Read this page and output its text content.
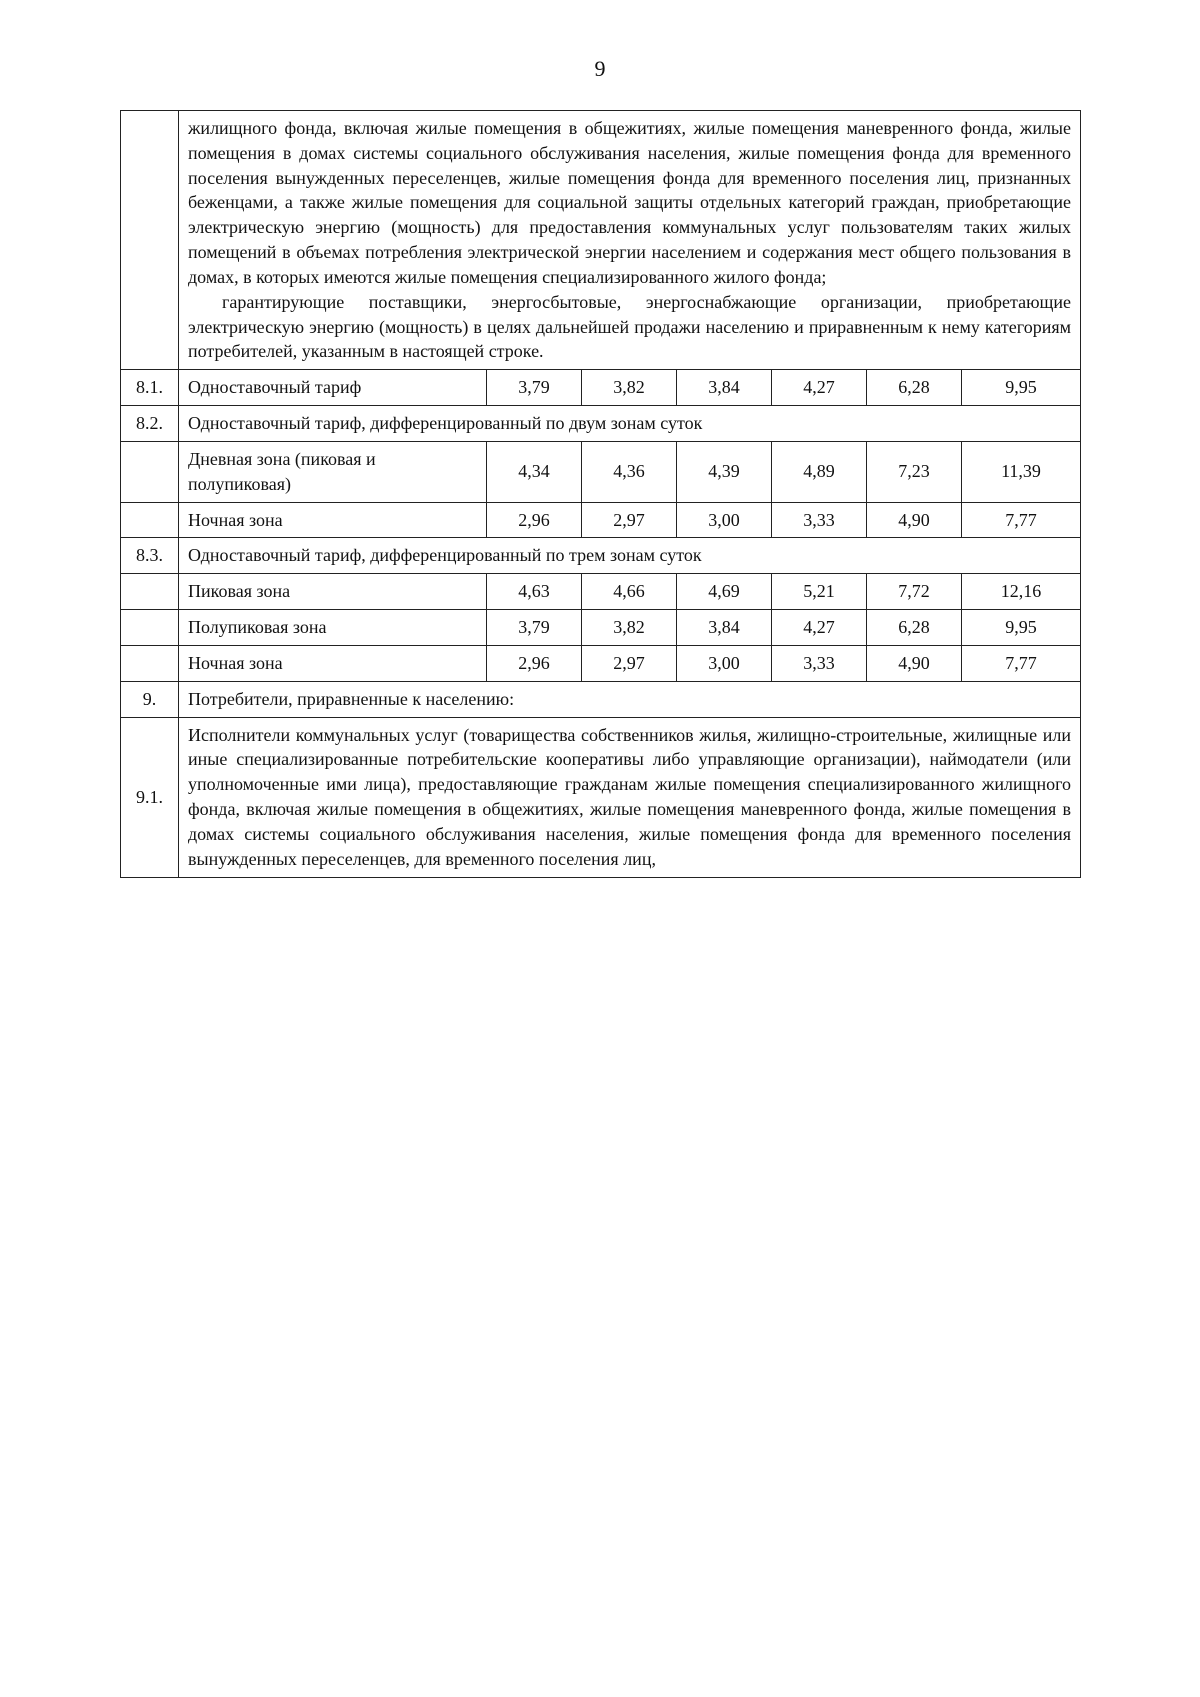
9

	жилищного фонда, включая жилые помещения в общежитиях, жилые помещения маневренного фонда, жилые помещения в домах системы социального обслуживания населения, жилые помещения фонда для временного поселения вынужденных переселенцев, жилые помещения фонда для временного поселения лиц, признанных беженцами, а также жилые помещения для социальной защиты отдельных категорий граждан, приобретающие электрическую энергию (мощность) для предоставления коммунальных услуг пользователям таких жилых помещений в объемах потребления электрической энергии населением и содержания мест общего пользования в домах, в которых имеются жилые помещения специализированного жилого фонда;
гарантирующие поставщики, энергосбытовые, энергоснабжающие организации, приобретающие электрическую энергию (мощность) в целях дальнейшей продажи населению и приравненным к нему категориям потребителей, указанным в настоящей строке.						

8.1.	Одноставочный тариф	3,79	3,82	3,84	4,27	6,28	9,95
8.2.	Одноставочный тариф, дифференцированный по двум зонам суток						
	Дневная зона (пиковая и полупиковая)	4,34	4,36	4,39	4,89	7,23	11,39
	Ночная зона	2,96	2,97	3,00	3,33	4,90	7,77
8.3.	Одноставочный тариф, дифференцированный по трем зонам суток						
	Пиковая зона	4,63	4,66	4,69	5,21	7,72	12,16
	Полупиковая зона	3,79	3,82	3,84	4,27	6,28	9,95
	Ночная зона	2,96	2,97	3,00	3,33	4,90	7,77
9.	Потребители, приравненные к населению:						
9.1.	Исполнители коммунальных услуг (товарищества собственников жилья, жилищно-строительные, жилищные или иные специализированные потребительские кооперативы либо управляющие организации), наймодатели (или уполномоченные ими лица), предоставляющие гражданам жилые помещения специализированного жилищного фонда, включая жилые помещения в общежитиях, жилые помещения маневренного фонда, жилые помещения в домах системы социального обслуживания населения, жилые помещения фонда для временного поселения вынужденных переселенцев, для временного поселения лиц,						
